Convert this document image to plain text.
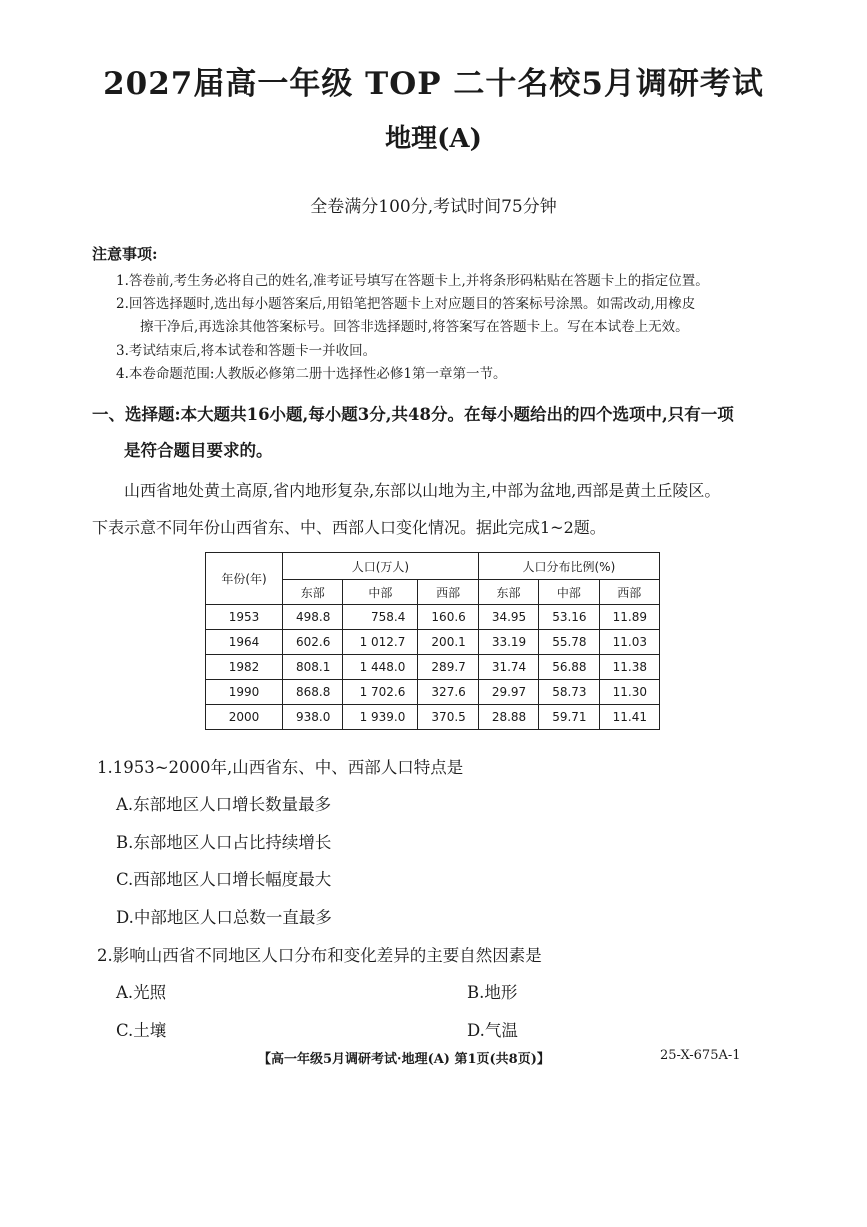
2027届高一年级 TOP 二十名校5月调研考试
地理(A)
全卷满分100分,考试时间75分钟
注意事项:
1.答卷前,考生务必将自己的姓名,准考证号填写在答题卡上,并将条形码粘贴在答题卡上的指定位置。
2.回答选择题时,选出每小题答案后,用铅笔把答题卡上对应题目的答案标号涂黑。如需改动,用橡皮
擦干净后,再选涂其他答案标号。回答非选择题时,将答案写在答题卡上。写在本试卷上无效。
3.考试结束后,将本试卷和答题卡一并收回。
4.本卷命题范围:人教版必修第二册十选择性必修1第一章第一节。
一、选择题:本大题共16小题,每小题3分,共48分。在每小题给出的四个选项中,只有一项
是符合题目要求的。
山西省地处黄土高原,省内地形复杂,东部以山地为主,中部为盆地,西部是黄土丘陵区。
下表示意不同年份山西省东、中、西部人口变化情况。据此完成1~2题。
年份(年)	人口(万人)			人口分布比例(%)		
	东部	中部	西部	东部	中部	西部
1953	498.8	758.4	160.6	34.95	53.16	11.89
1964	602.6	1 012.7	200.1	33.19	55.78	11.03
1982	808.1	1 448.0	289.7	31.74	56.88	11.38
1990	868.8	1 702.6	327.6	29.97	58.73	11.30
2000	938.0	1 939.0	370.5	28.88	59.71	11.41
1.1953~2000年,山西省东、中、西部人口特点是
A.东部地区人口增长数量最多
B.东部地区人口占比持续增长
C.西部地区人口增长幅度最大
D.中部地区人口总数一直最多
2.影响山西省不同地区人口分布和变化差异的主要自然因素是
A.光照	B.地形
C.土壤	D.气温
【高一年级5月调研考试·地理(A) 第1页(共8页)】	25-X-675A-1
